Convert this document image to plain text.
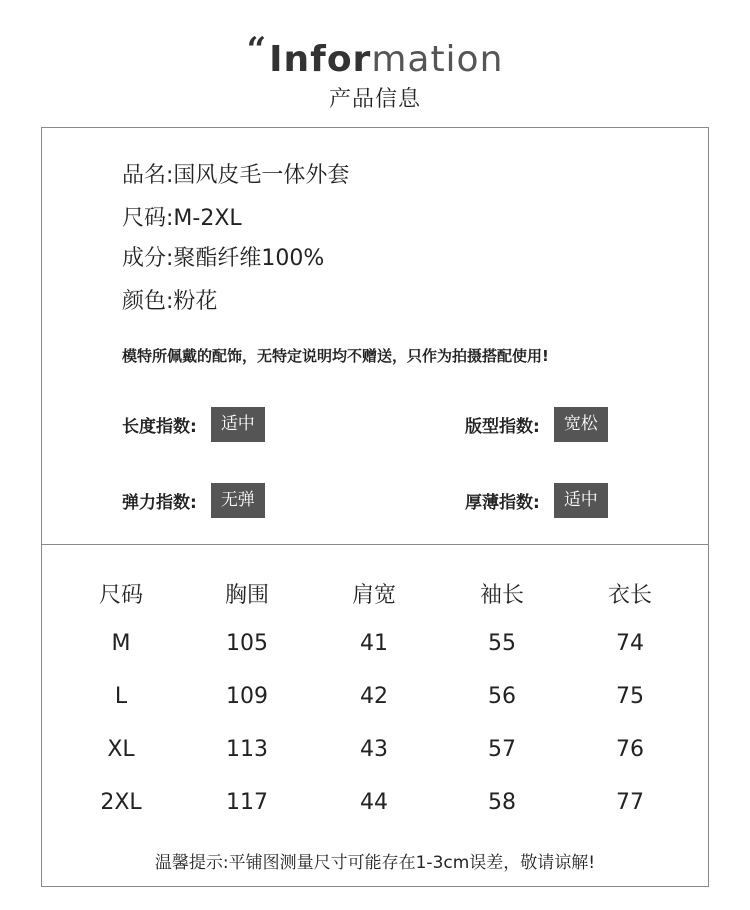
“Information
产品信息
品名:国风皮毛一体外套
尺码:M-2XL
成分:聚酯纤维100%
颜色:粉花
模特所佩戴的配饰，无特定说明均不赠送，只作为拍摄搭配使用!
长度指数:	适中	版型指数:	宽松
弹力指数:	无弹	厚薄指数:	适中
尺码	胸围	肩宽	袖长	衣长
M	105	41	55	74
L	109	42	56	75
XL	113	43	57	76
2XL	117	44	58	77
温馨提示:平铺图测量尺寸可能存在1-3cm误差，敬请谅解!
